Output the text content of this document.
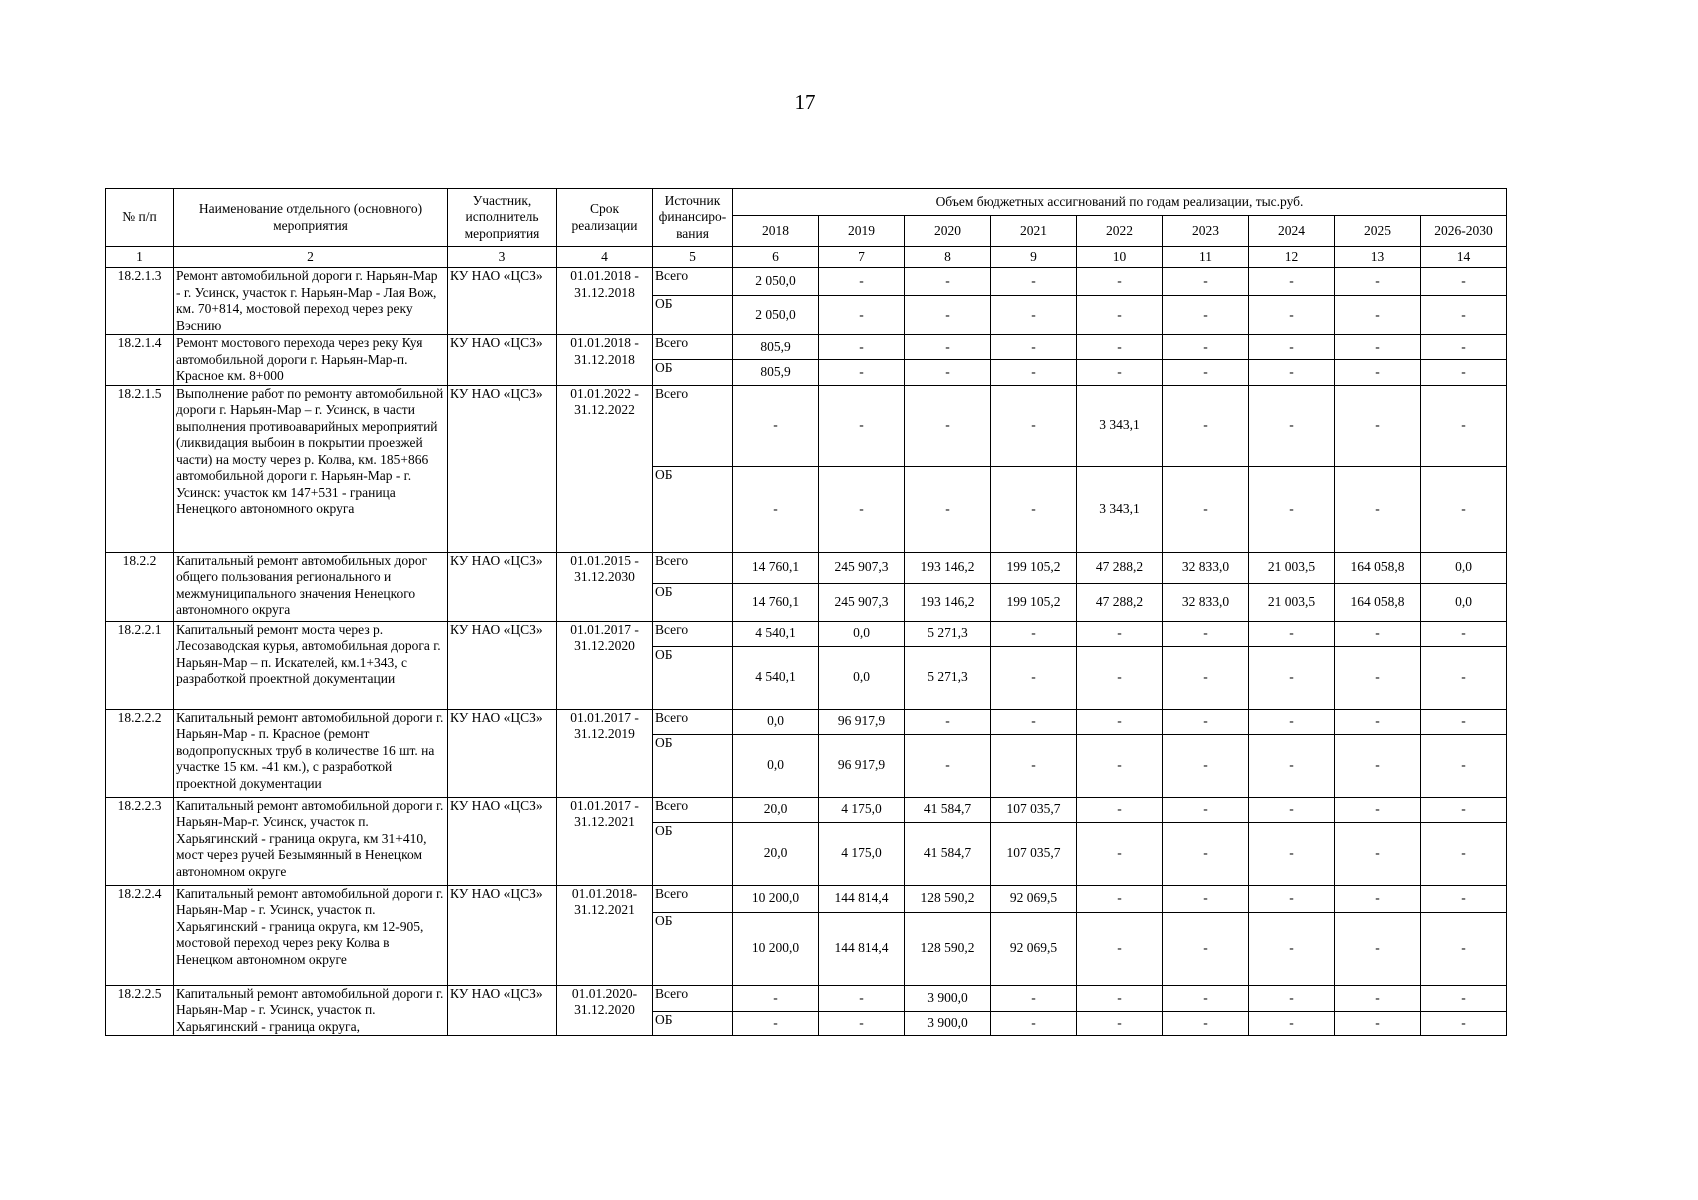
17
№ п/п	Наименование отдельного (основного) мероприятия	Участник, исполнитель мероприятия	Срок реализации	Источник финансиро-вания	Объем бюджетных ассигнований по годам реализации, тыс.руб.								
					2018	2019	2020	2021	2022	2023	2024	2025	2026-2030
1	2	3	4	5	6	7	8	9	10	11	12	13	14
18.2.1.3	Ремонт автомобильной дороги г. Нарьян-Мар - г. Усинск, участок г. Нарьян-Мар - Лая Вож, км. 70+814, мостовой переход через реку Вэснию	КУ НАО «ЦСЗ»	01.01.2018 - 31.12.2018	Всего	2 050,0	-	-	-	-	-	-	-	-
				ОБ	2 050,0	-	-	-	-	-	-	-	-
18.2.1.4	Ремонт мостового перехода через реку Куя автомобильной дороги г. Нарьян-Мар-п. Красное км. 8+000	КУ НАО «ЦСЗ»	01.01.2018 - 31.12.2018	Всего	805,9	-	-	-	-	-	-	-	-
				ОБ	805,9	-	-	-	-	-	-	-	-
18.2.1.5	Выполнение работ по ремонту автомобильной дороги г. Нарьян-Мар – г. Усинск, в части выполнения противоаварийных мероприятий (ликвидация выбоин в покрытии проезжей части) на мосту через р. Колва, км. 185+866 автомобильной дороги г. Нарьян-Мар - г. Усинск: участок км 147+531 - граница Ненецкого автономного округа	КУ НАО «ЦСЗ»	01.01.2022 - 31.12.2022	Всего	-	-	-	-	3 343,1	-	-	-	-
				ОБ	-	-	-	-	3 343,1	-	-	-	-
18.2.2	Капитальный ремонт автомобильных дорог общего пользования регионального и межмуниципального значения Ненецкого автономного округа	КУ НАО «ЦСЗ»	01.01.2015 - 31.12.2030	Всего	14 760,1	245 907,3	193 146,2	199 105,2	47 288,2	32 833,0	21 003,5	164 058,8	0,0
				ОБ	14 760,1	245 907,3	193 146,2	199 105,2	47 288,2	32 833,0	21 003,5	164 058,8	0,0
18.2.2.1	Капитальный ремонт моста через р. Лесозаводская курья, автомобильная дорога г. Нарьян-Мар – п. Искателей, км.1+343, с разработкой проектной документации	КУ НАО «ЦСЗ»	01.01.2017 - 31.12.2020	Всего	4 540,1	0,0	5 271,3	-	-	-	-	-	-
				ОБ	4 540,1	0,0	5 271,3	-	-	-	-	-	-
18.2.2.2	Капитальный ремонт автомобильной дороги г. Нарьян-Мар - п. Красное (ремонт водопропускных труб в количестве 16 шт. на участке 15 км. -41 км.), с разработкой проектной документации	КУ НАО «ЦСЗ»	01.01.2017 - 31.12.2019	Всего	0,0	96 917,9	-	-	-	-	-	-	-
				ОБ	0,0	96 917,9	-	-	-	-	-	-	-
18.2.2.3	Капитальный ремонт автомобильной дороги г. Нарьян-Мар-г. Усинск, участок п. Харьягинский - граница округа, км 31+410, мост через ручей Безымянный в Ненецком автономном округе	КУ НАО «ЦСЗ»	01.01.2017 - 31.12.2021	Всего	20,0	4 175,0	41 584,7	107 035,7	-	-	-	-	-
				ОБ	20,0	4 175,0	41 584,7	107 035,7	-	-	-	-	-
18.2.2.4	Капитальный ремонт автомобильной дороги г. Нарьян-Мар - г. Усинск, участок п. Харьягинский - граница округа, км 12-905, мостовой переход через реку Колва в Ненецком автономном округе	КУ НАО «ЦСЗ»	01.01.2018- 31.12.2021	Всего	10 200,0	144 814,4	128 590,2	92 069,5	-	-	-	-	-
				ОБ	10 200,0	144 814,4	128 590,2	92 069,5	-	-	-	-	-
18.2.2.5	Капитальный ремонт автомобильной дороги г. Нарьян-Мар - г. Усинск, участок п. Харьягинский - граница округа,	КУ НАО «ЦСЗ»	01.01.2020- 31.12.2020	Всего	-	-	3 900,0	-	-	-	-	-	-
				ОБ	-	-	3 900,0	-	-	-	-	-	-
